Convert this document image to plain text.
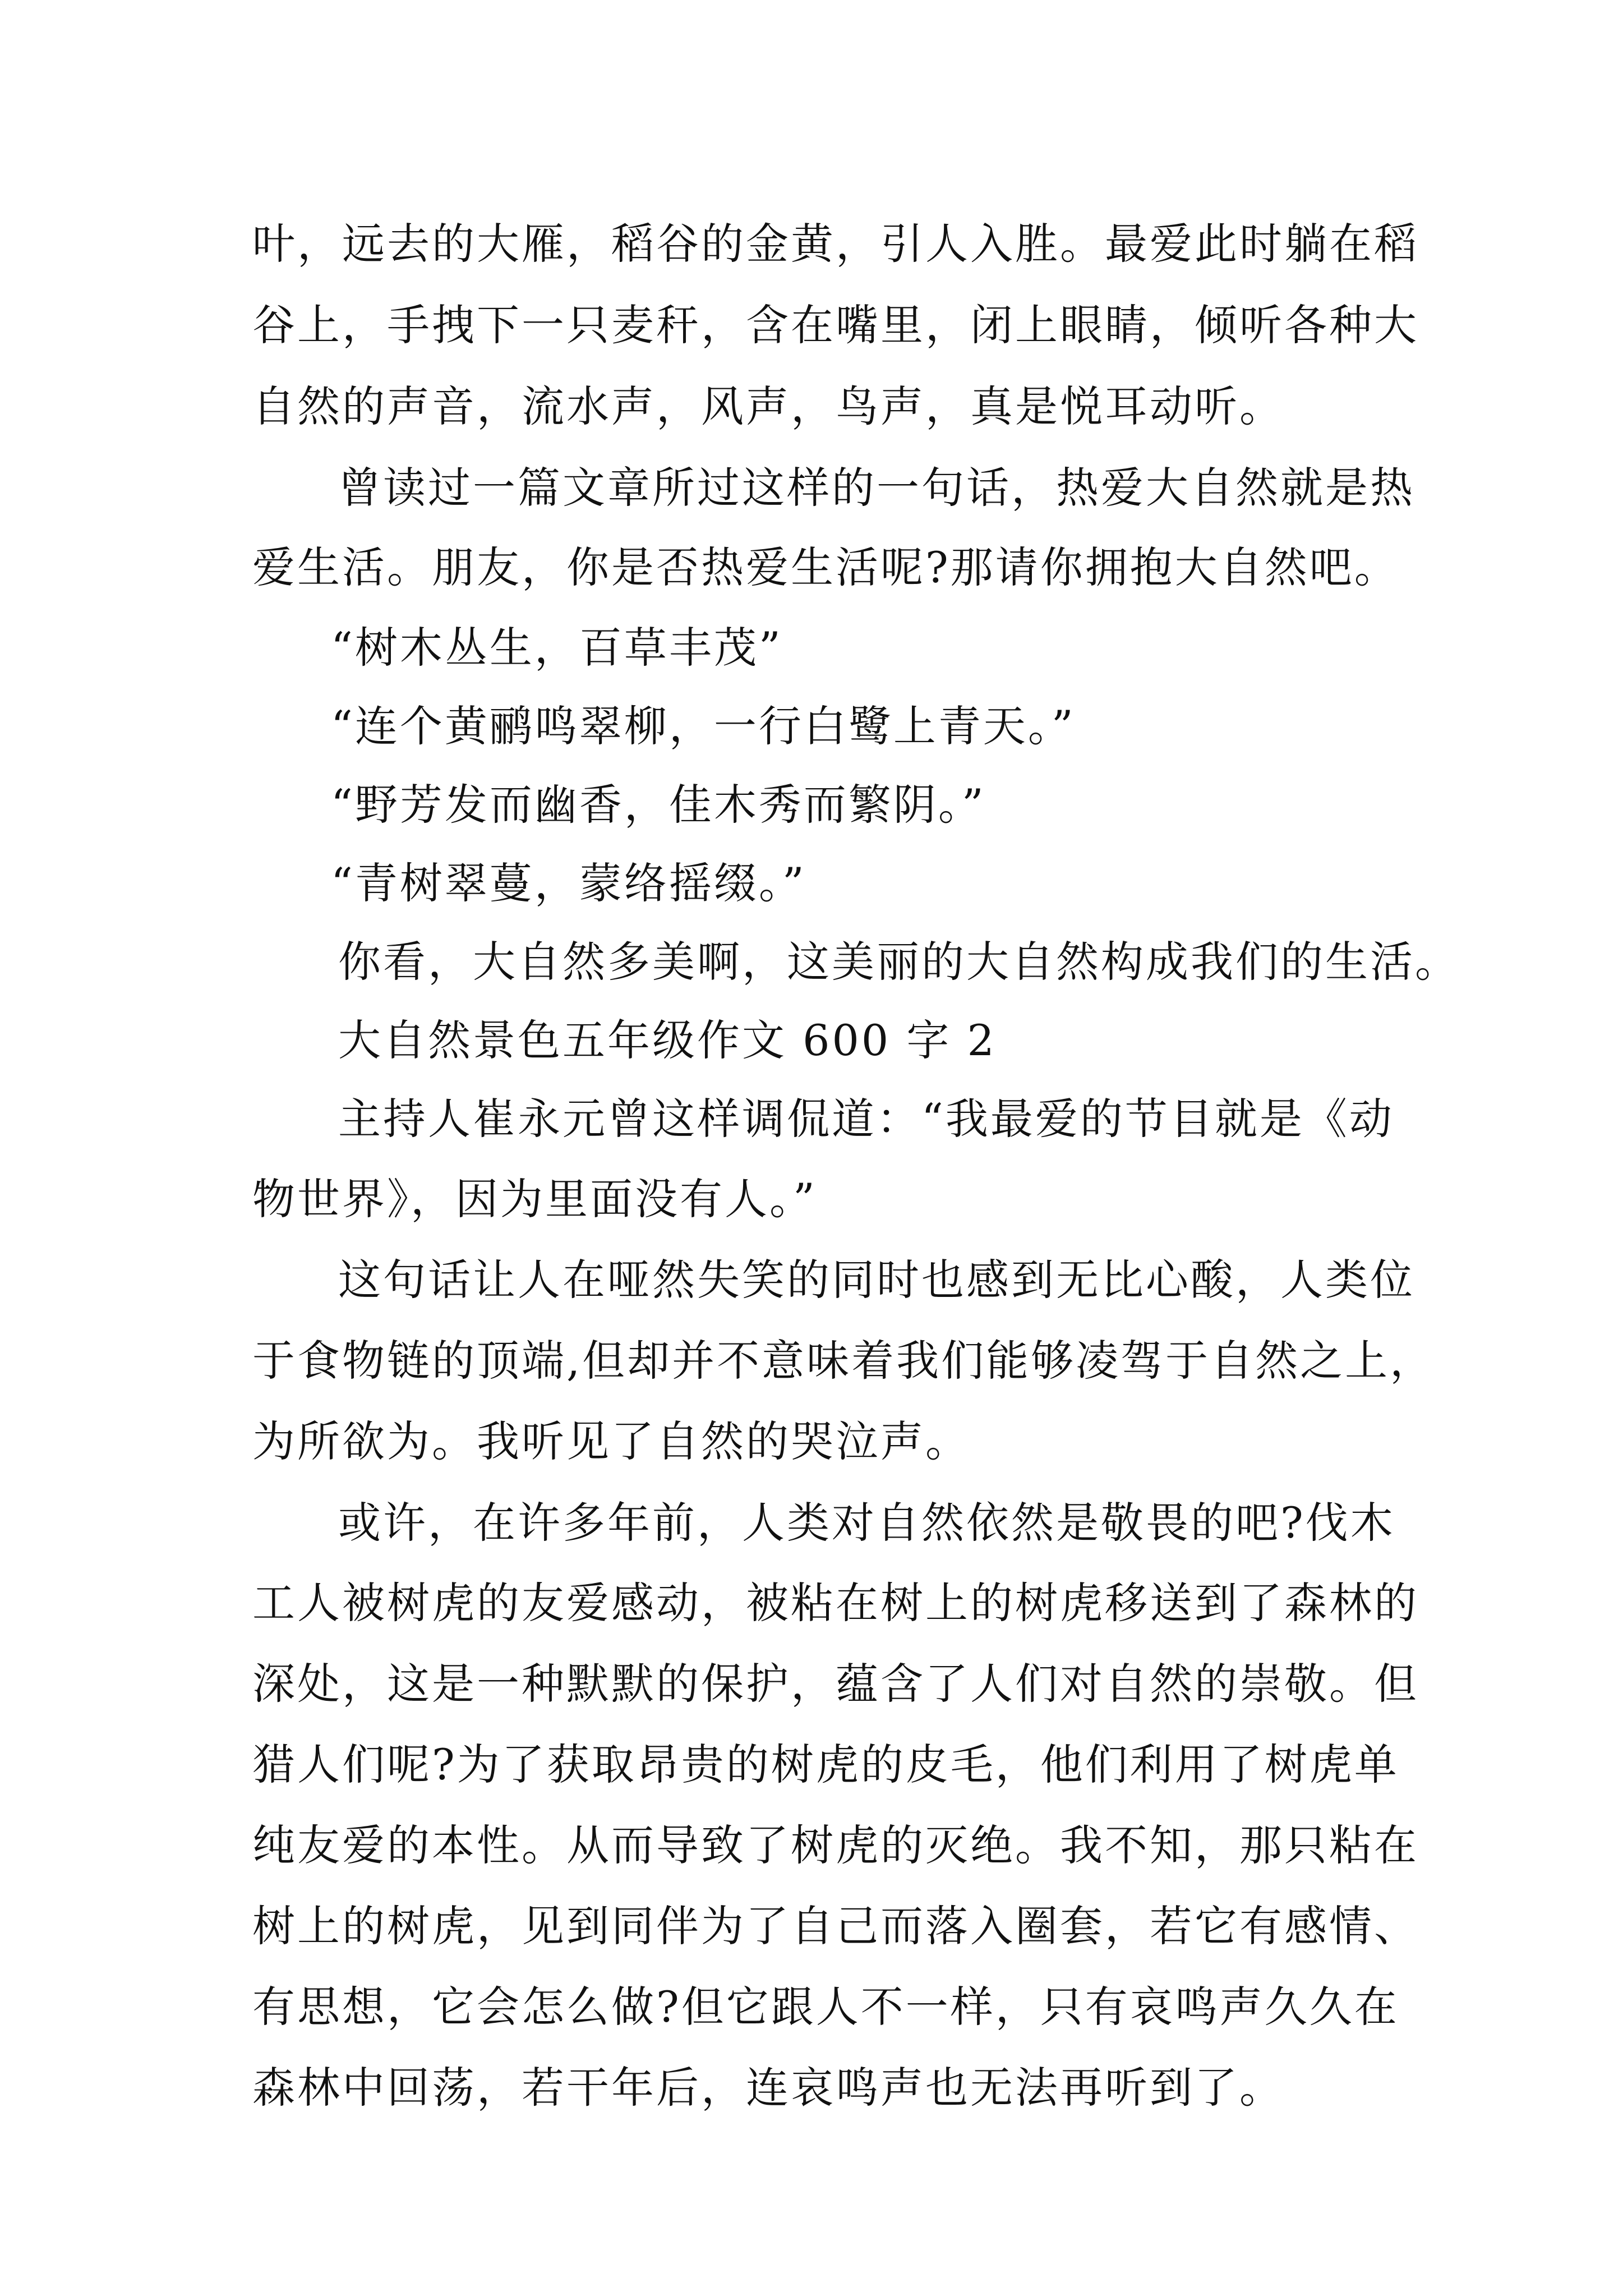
叶，远去的大雁，稻谷的金黄，引人入胜。最爱此时躺在稻
谷上，手拽下一只麦秆，含在嘴里，闭上眼睛，倾听各种大
自然的声音，流水声，风声，鸟声，真是悦耳动听。
曾读过一篇文章所过这样的一句话，热爱大自然就是热
爱生活。朋友，你是否热爱生活呢?那请你拥抱大自然吧。
“树木丛生，百草丰茂”
“连个黄鹂鸣翠柳，一行白鹭上青天。”
“野芳发而幽香，佳木秀而繁阴。”
“青树翠蔓，蒙络摇缀。”
你看，大自然多美啊，这美丽的大自然构成我们的生活。
大自然景色五年级作文 600 字 2
主持人崔永元曾这样调侃道：“我最爱的节目就是《动
物世界》，因为里面没有人。”
这句话让人在哑然失笑的同时也感到无比心酸，人类位
于食物链的顶端,但却并不意味着我们能够凌驾于自然之上，
为所欲为。我听见了自然的哭泣声。
或许，在许多年前，人类对自然依然是敬畏的吧?伐木
工人被树虎的友爱感动，被粘在树上的树虎移送到了森林的
深处，这是一种默默的保护，蕴含了人们对自然的崇敬。但
猎人们呢?为了获取昂贵的树虎的皮毛，他们利用了树虎单
纯友爱的本性。从而导致了树虎的灭绝。我不知，那只粘在
树上的树虎，见到同伴为了自己而落入圈套，若它有感情、
有思想，它会怎么做?但它跟人不一样，只有哀鸣声久久在
森林中回荡，若干年后，连哀鸣声也无法再听到了。
